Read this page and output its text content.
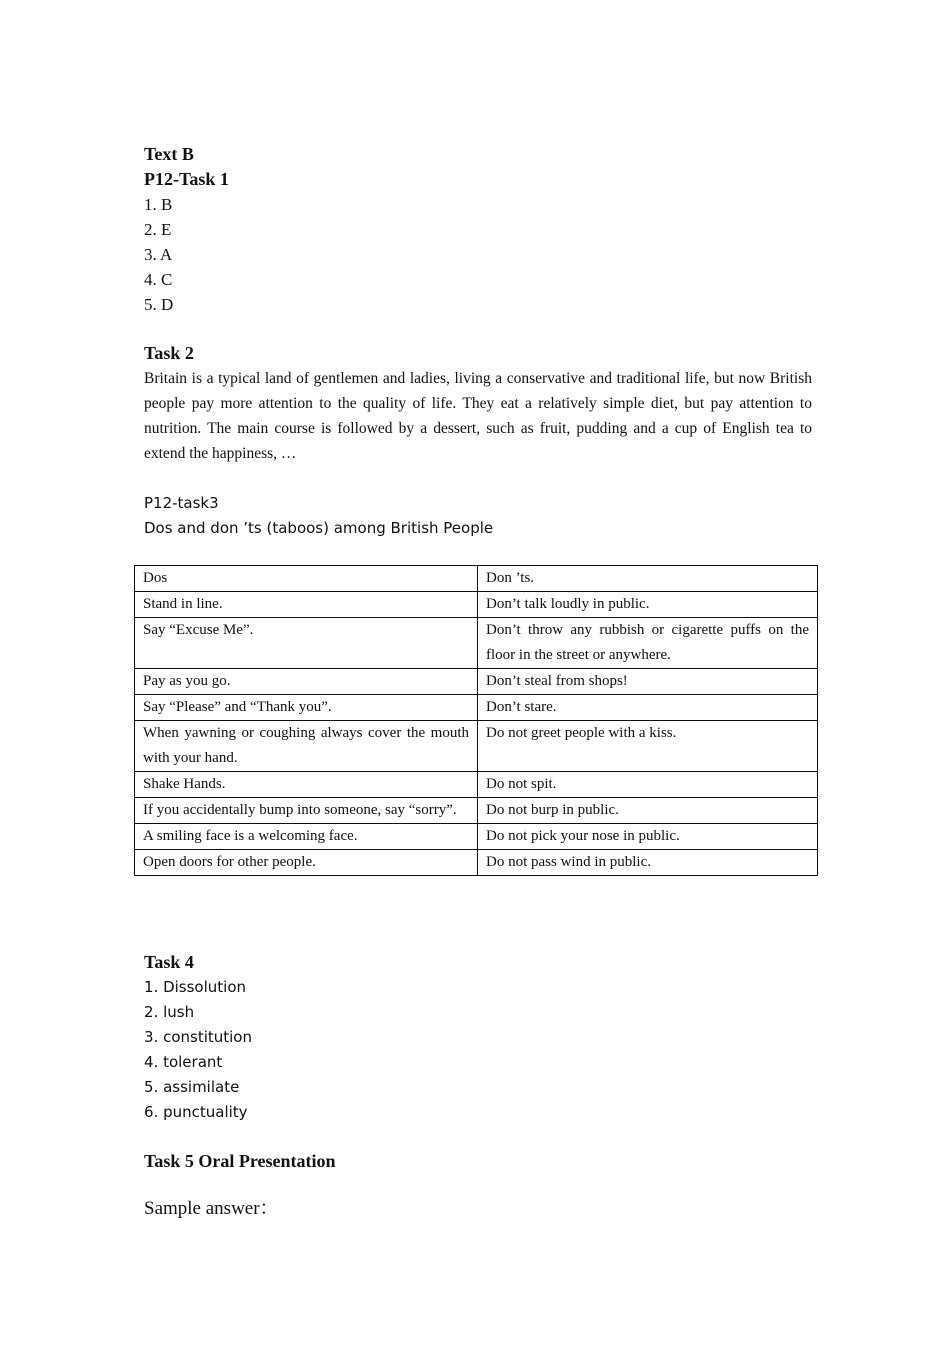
Text B

P12-Task 1

1. B

2. E

3. A

4. C

5. D

Task 2

Britain is a typical land of gentlemen and ladies, living a conservative and traditional life, but now British people pay more attention to the quality of life. They eat a relatively simple diet, but pay attention to nutrition. The main course is followed by a dessert, such as fruit, pudding and a cup of English tea to extend the happiness, …

P12-task3

Dos and don ’ts (taboos) among British People

Dos	Don ’ts.
Stand in line.	Don’t talk loudly in public.
Say “Excuse Me”.	Don’t throw any rubbish or cigarette puffs on the floor in the street or anywhere.
Pay as you go.	Don’t steal from shops!
Say “Please” and “Thank you”.	Don’t stare.
When yawning or coughing always cover the mouth with your hand.	Do not greet people with a kiss.
Shake Hands.	Do not spit.
If you accidentally bump into someone, say “sorry”.	Do not burp in public.
A smiling face is a welcoming face.	Do not pick your nose in public.
Open doors for other people.	Do not pass wind in public.

Task 4

1. Dissolution

2. lush

3. constitution

4. tolerant

5. assimilate

6. punctuality

Task 5 Oral Presentation

Sample answer：
